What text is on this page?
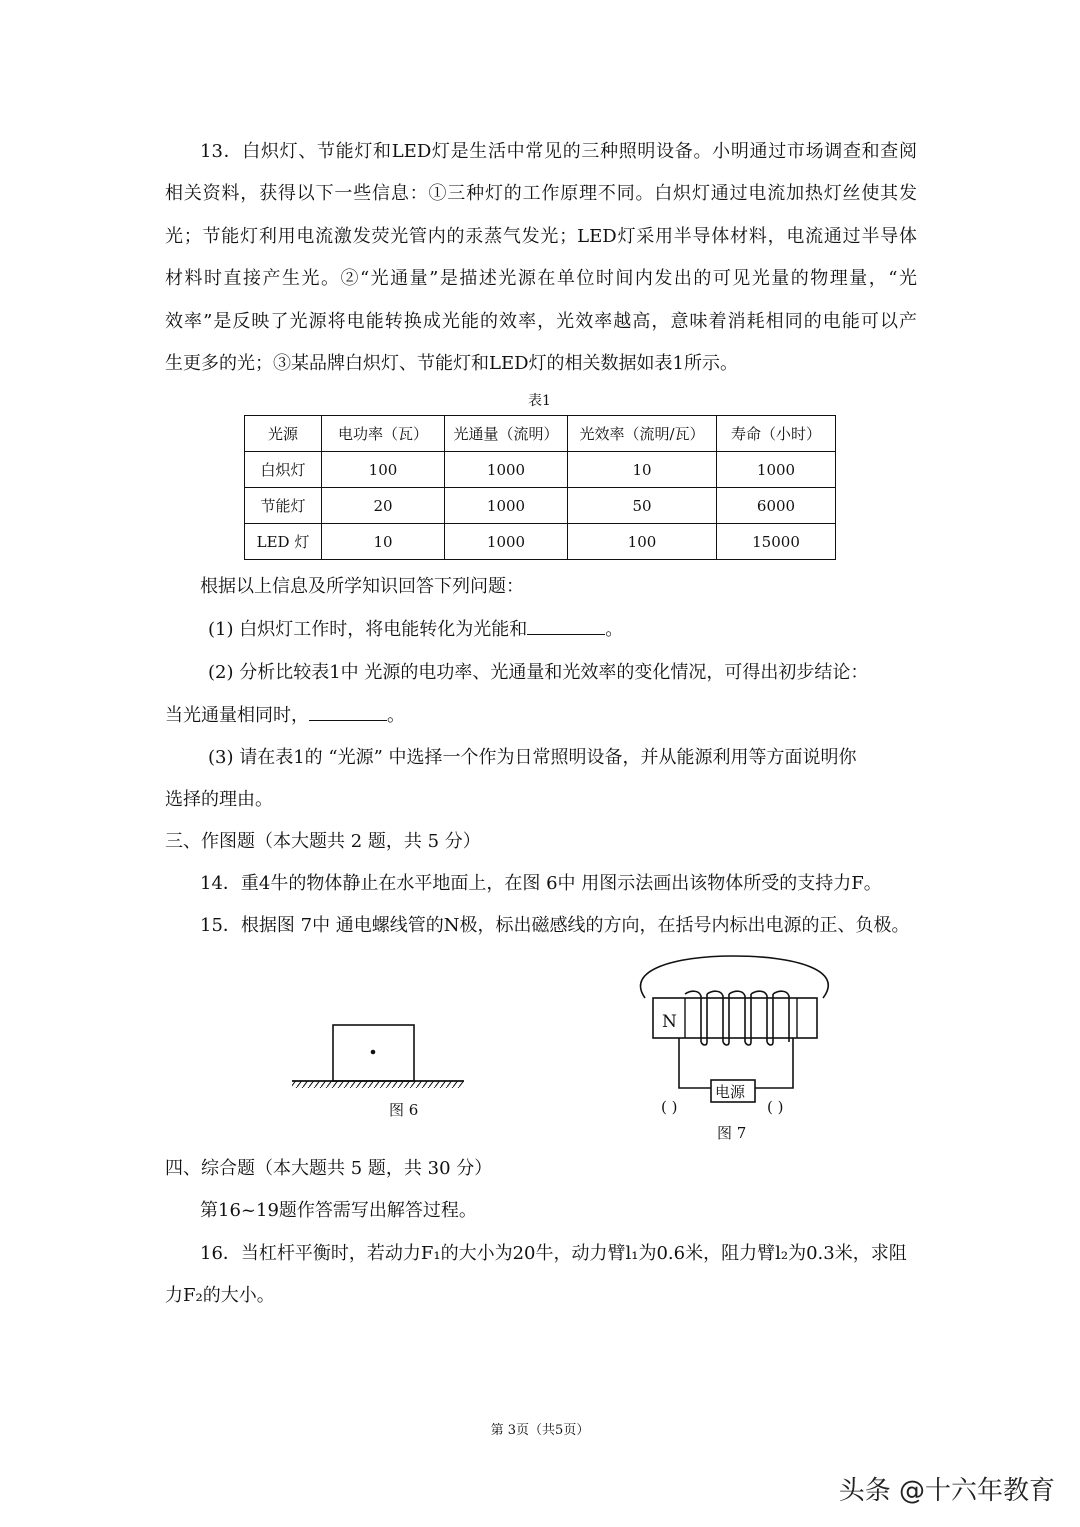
13．白炽灯、节能灯和LED灯是生活中常见的三种照明设备。小明通过市场调查和查阅

相关资料，获得以下一些信息：①三种灯的工作原理不同。白炽灯通过电流加热灯丝使其发

光；节能灯利用电流激发荧光管内的汞蒸气发光；LED灯采用半导体材料，电流通过半导体

材料时直接产生光。②“光通量”是描述光源在单位时间内发出的可见光量的物理量，“光

效率”是反映了光源将电能转换成光能的效率，光效率越高，意味着消耗相同的电能可以产

生更多的光；③某品牌白炽灯、节能灯和LED灯的相关数据如表1所示。

表1
光源	电功率（瓦）	光通量（流明）	光效率（流明/瓦）	寿命（小时）
白炽灯	100	1000	10	1000
节能灯	20	1000	50	6000
LED 灯	10	1000	100	15000

根据以上信息及所学知识回答下列问题：

(1) 白炽灯工作时，将电能转化为光能和	。

(2) 分析比较表1中 光源的电功率、光通量和光效率的变化情况，可得出初步结论：

当光通量相同时，	。

(3) 请在表1的 “光源” 中选择一个作为日常照明设备，并从能源利用等方面说明你

选择的理由。

三、作图题（本大题共 2 题，共 5 分）

14．重4牛的物体静止在水平地面上，在图 6中 用图示法画出该物体所受的支持力F。

15．根据图 7中 通电螺线管的N极，标出磁感线的方向，在括号内标出电源的正、负极。

图 6
N
电源
( )	( )
图 7

四、综合题（本大题共 5 题，共 30 分）

第16~19题作答需写出解答过程。

16．当杠杆平衡时，若动力F₁的大小为20牛，动力臂l₁为0.6米，阻力臂l₂为0.3米，求阻

力F₂的大小。

第 3页（共5页）
头条 @十六年教育
